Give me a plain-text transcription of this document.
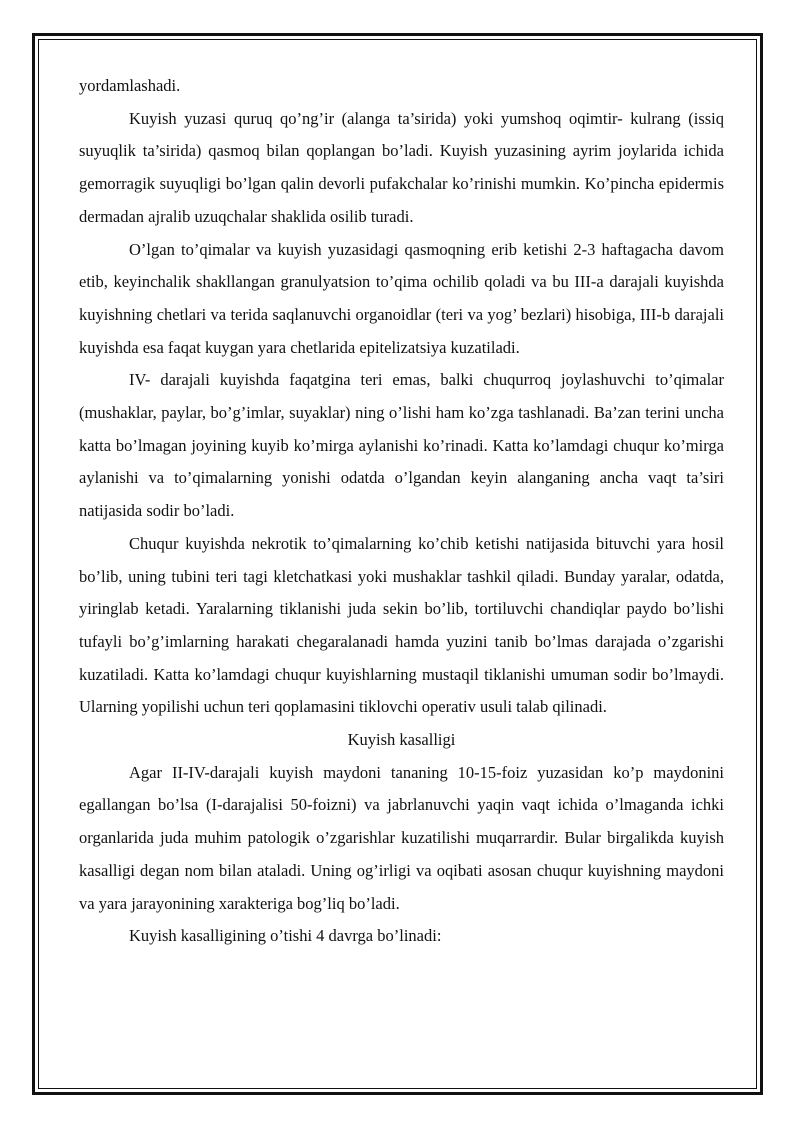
yordamlashadi.

Kuyish yuzasi quruq qo’ng’ir (alanga ta’sirida) yoki yumshoq oqimtir- kulrang (issiq suyuqlik ta’sirida) qasmoq bilan qoplangan bo’ladi. Kuyish yuzasining ayrim joylarida ichida gemorragik suyuqligi bo’lgan qalin devorli pufakchalar ko’rinishi mumkin. Ko’pincha epidermis dermadan ajralib uzuqchalar shaklida osilib turadi.

O’lgan to’qimalar va kuyish yuzasidagi qasmoqning erib ketishi 2-3 haftagacha davom etib, keyinchalik shakllangan granulyatsion to’qima ochilib qoladi va bu III-a darajali kuyishda kuyishning chetlari va terida saqlanuvchi organoidlar (teri va yog’ bezlari) hisobiga, III-b darajali kuyishda esa faqat kuygan yara chetlarida epitelizatsiya kuzatiladi.

IV- darajali kuyishda faqatgina teri emas, balki chuqurroq joylashuvchi to’qimalar (mushaklar, paylar, bo’g’imlar, suyaklar) ning o’lishi ham ko’zga tashlanadi. Ba’zan terini uncha katta bo’lmagan joyining kuyib ko’mirga aylanishi ko’rinadi. Katta ko’lamdagi chuqur ko’mirga aylanishi va to’qimalarning yonishi odatda o’lgandan keyin alanganing ancha vaqt ta’siri natijasida sodir bo’ladi.

Chuqur kuyishda nekrotik to’qimalarning ko’chib ketishi natijasida bituvchi yara hosil bo’lib, uning tubini teri tagi kletchatkasi yoki mushaklar tashkil qiladi. Bunday yaralar, odatda, yiringlab ketadi. Yaralarning tiklanishi juda sekin bo’lib, tortiluvchi chandiqlar paydo bo’lishi tufayli bo’g’imlarning harakati chegaralanadi hamda yuzini tanib bo’lmas darajada o’zgarishi kuzatiladi. Katta ko’lamdagi chuqur kuyishlarning mustaqil tiklanishi umuman sodir bo’lmaydi. Ularning yopilishi uchun teri qoplamasini tiklovchi operativ usuli talab qilinadi.

Kuyish kasalligi

Agar II-IV-darajali kuyish maydoni tananing 10-15-foiz yuzasidan ko’p maydonini egallangan bo’lsa (I-darajalisi 50-foizni) va jabrlanuvchi yaqin vaqt ichida o’lmaganda ichki organlarida juda muhim patologik o’zgarishlar kuzatilishi muqarrardir. Bular birgalikda kuyish kasalligi degan nom bilan ataladi. Uning og’irligi va oqibati asosan chuqur kuyishning maydoni va yara jarayonining xarakteriga bog’liq bo’ladi.

Kuyish kasalligining o’tishi 4 davrga bo’linadi:
